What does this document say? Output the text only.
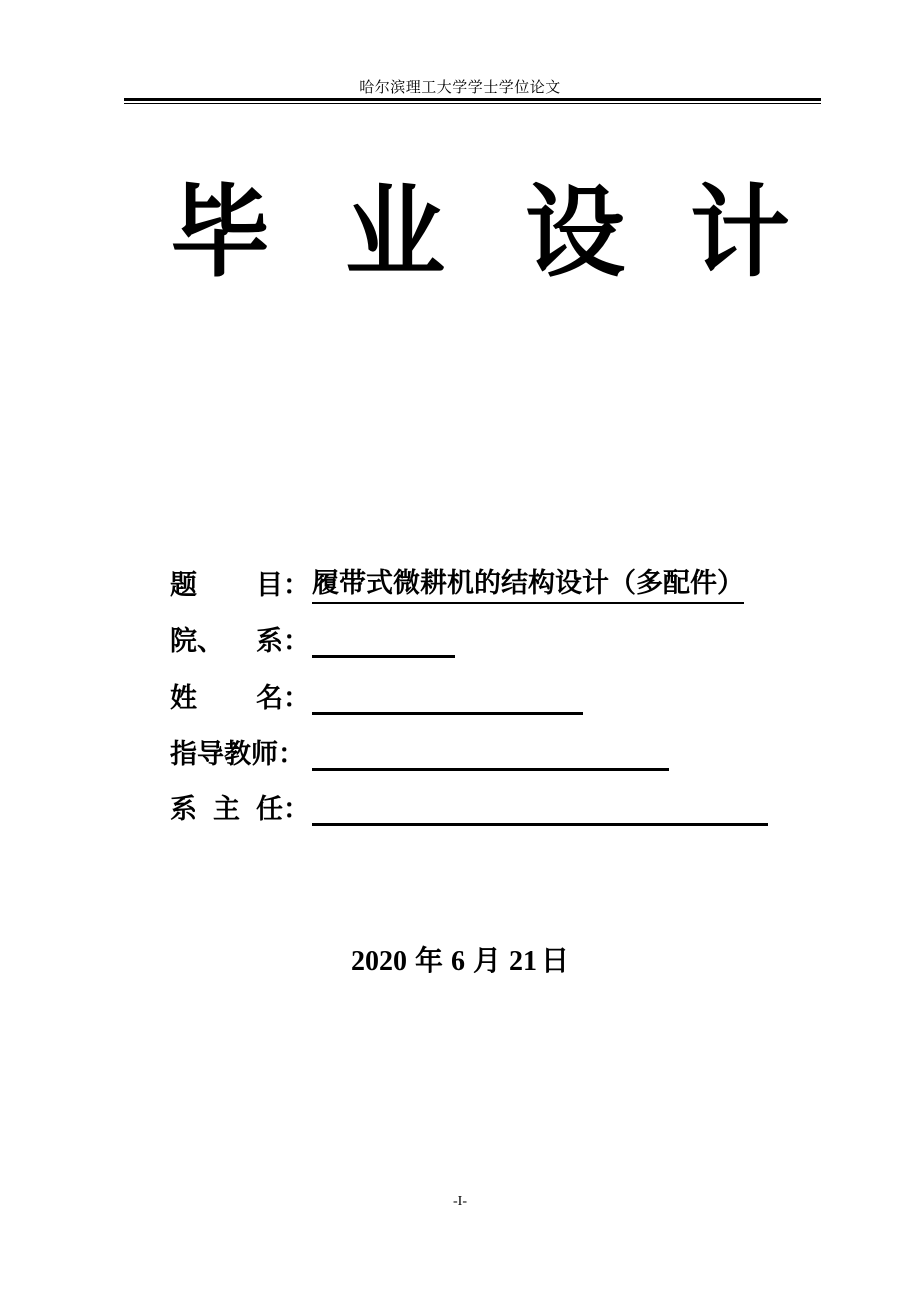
哈尔滨理工大学学士学位论文
毕 业 设 计
题 目： 履带式微耕机的结构设计（多配件）
院、 系：
姓 名：
指导教师：
系 主 任：
2020 年 6 月 21 日
-I-
